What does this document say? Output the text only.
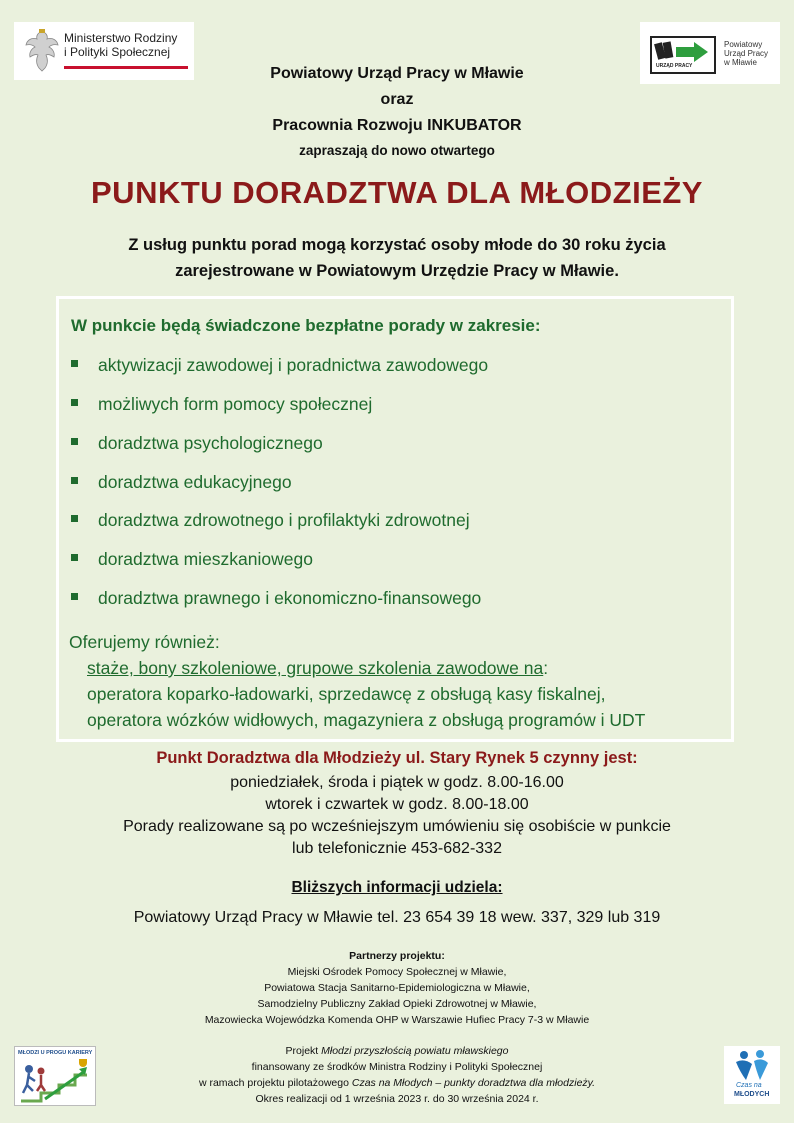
Ministerstwo Rodziny
i Polityki Społecznej
URZĄD PRACY
Powiatowy
Urząd Pracy
w Mławie
Powiatowy Urząd Pracy w Mławie
oraz
Pracownia Rozwoju INKUBATOR
zapraszają do nowo otwartego
PUNKTU DORADZTWA DLA MŁODZIEŻY
Z usług punktu porad mogą korzystać osoby młode do 30 roku życia
zarejestrowane w Powiatowym Urzędzie Pracy w Mławie.
W punkcie będą świadczone bezpłatne porady w zakresie:
aktywizacji zawodowej i poradnictwa zawodowego
możliwych form pomocy społecznej
doradztwa psychologicznego
doradztwa edukacyjnego
doradztwa zdrowotnego i profilaktyki zdrowotnej
doradztwa mieszkaniowego
doradztwa prawnego i ekonomiczno-finansowego
Oferujemy również:
staże, bony szkoleniowe, grupowe szkolenia zawodowe na:
operatora koparko-ładowarki, sprzedawcę z obsługą kasy fiskalnej,
operatora wózków widłowych, magazyniera z obsługą programów i UDT
Punkt Doradztwa dla Młodzieży ul. Stary Rynek 5 czynny jest:
poniedziałek, środa i piątek w godz. 8.00-16.00
wtorek i czwartek w godz. 8.00-18.00
Porady realizowane są po wcześniejszym umówieniu się osobiście w punkcie
lub telefonicznie 453-682-332
Bliższych informacji udziela:
Powiatowy Urząd Pracy w Mławie tel. 23 654 39 18 wew. 337, 329 lub 319
Partnerzy projektu:
Miejski Ośrodek Pomocy Społecznej w Mławie,
Powiatowa Stacja Sanitarno-Epidemiologiczna w Mławie,
Samodzielny Publiczny Zakład Opieki Zdrowotnej w Mławie,
Mazowiecka Wojewódzka Komenda OHP w Warszawie Hufiec Pracy 7-3 w Mławie
Projekt Młodzi przyszłością powiatu mławskiego
finansowany ze środków Ministra Rodziny i Polityki Społecznej
w ramach projektu pilotażowego Czas na Młodych – punkty doradztwa dla młodzieży.
Okres realizacji od 1 września 2023 r. do 30 września 2024 r.
MŁODZI U PROGU KARIERY
Czas na
MŁODYCH
